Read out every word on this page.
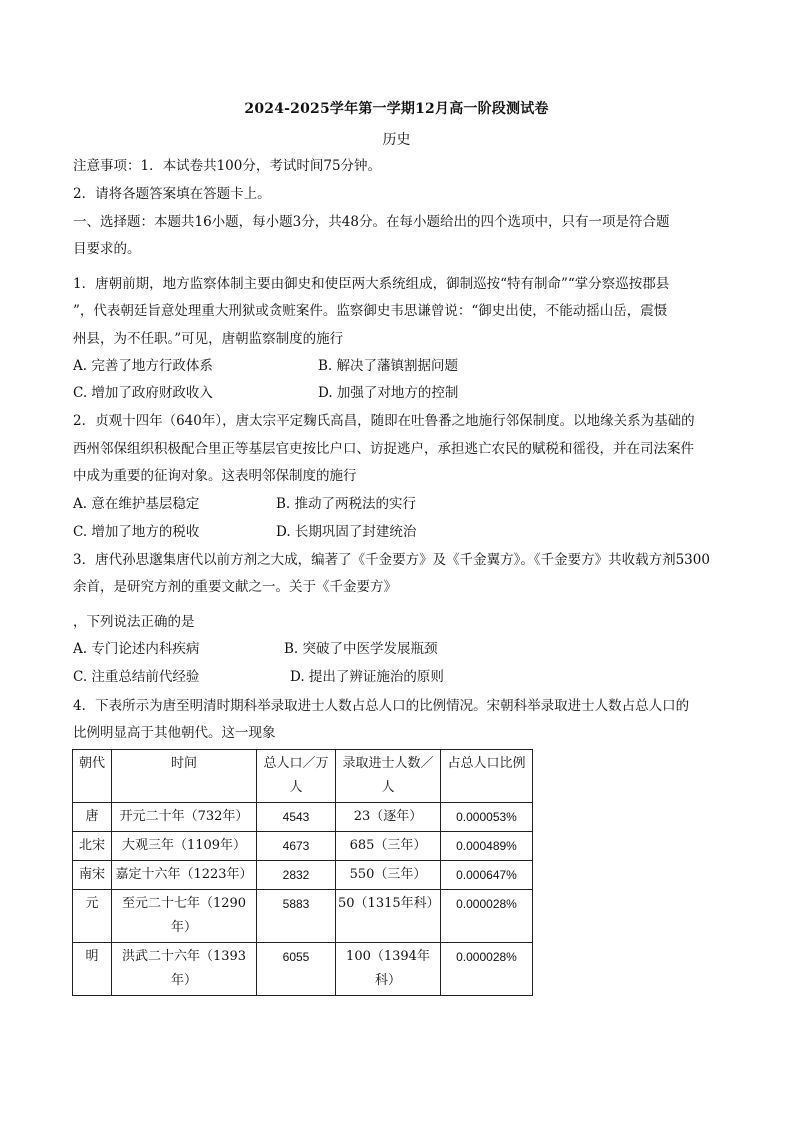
2024-2025学年第一学期12月高一阶段测试卷
历史
注意事项：1．本试卷共100分，考试时间75分钟。
2．请将各题答案填在答题卡上。
一、选择题：本题共16小题，每小题3分，共48分。在每小题给出的四个选项中，只有一项是符合题
目要求的。
1．唐朝前期，地方监察体制主要由御史和使臣两大系统组成，御制巡按“特有制命”“掌分察巡按郡县
”，代表朝廷旨意处理重大刑狱或贪赃案件。监察御史韦思谦曾说：“御史出使，不能动摇山岳，震慑
州县，为不任职。”可见，唐朝监察制度的施行
A. 完善了地方行政体系	B. 解决了藩镇割据问题
C. 增加了政府财政收入	D. 加强了对地方的控制
2．贞观十四年（640年），唐太宗平定麴氏高昌，随即在吐鲁番之地施行邻保制度。以地缘关系为基础的
西州邻保组织积极配合里正等基层官吏按比户口、访捉逃户，承担逃亡农民的赋税和徭役，并在司法案件
中成为重要的征询对象。这表明邻保制度的施行
A. 意在维护基层稳定	B. 推动了两税法的实行
C. 增加了地方的税收	D. 长期巩固了封建统治
3．唐代孙思邈集唐代以前方剂之大成，编著了《千金要方》及《千金翼方》。《千金要方》共收载方剂5300
余首，是研究方剂的重要文献之一。关于《千金要方》
，下列说法正确的是
A. 专门论述内科疾病	B. 突破了中医学发展瓶颈
C. 注重总结前代经验	D. 提出了辨证施治的原则
4．下表所示为唐至明清时期科举录取进士人数占总人口的比例情况。宋朝科举录取进士人数占总人口的
比例明显高于其他朝代。这一现象
朝代	时间	总人口／万人	录取进士人数／人	占总人口比例
唐	开元二十年（732年）	4543	23（逐年）	0.000053%
北宋	大观三年（1109年）	4673	685（三年）	0.000489%
南宋	嘉定十六年（1223年）	2832	550（三年）	0.000647%
元	至元二十七年（1290年）	5883	50（1315年科）	0.000028%
明	洪武二十六年（1393年）	6055	100（1394年科）	0.000028%
